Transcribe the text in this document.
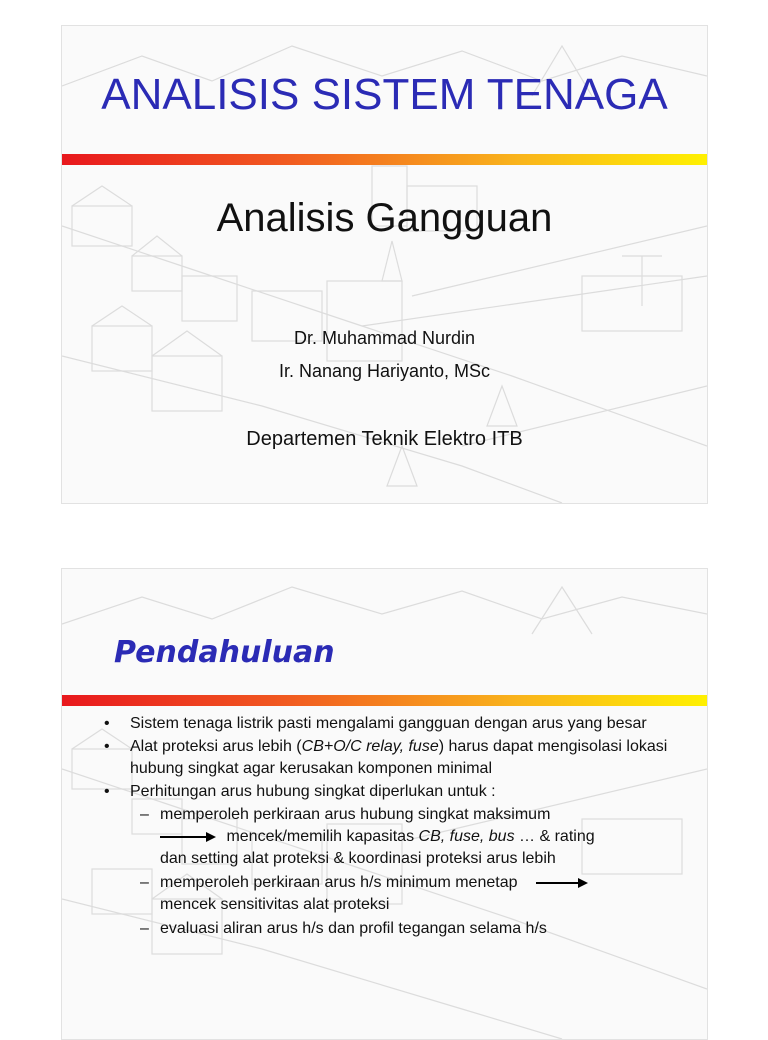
ANALISIS SISTEM TENAGA
Analisis Gangguan
Dr. Muhammad Nurdin
Ir. Nanang Hariyanto, MSc
Departemen Teknik Elektro ITB
Pendahuluan
• Sistem tenaga listrik pasti mengalami gangguan dengan arus yang besar
• Alat proteksi arus lebih (CB+O/C relay, fuse) harus dapat mengisolasi lokasi hubung singkat agar kerusakan komponen minimal
• Perhitungan arus hubung singkat diperlukan untuk :
– memperoleh perkiraan arus hubung singkat maksimum
mencek/memilih kapasitas CB, fuse, bus … & rating
dan setting alat proteksi & koordinasi proteksi arus lebih
– memperoleh perkiraan arus h/s minimum menetap
mencek sensitivitas alat proteksi
– evaluasi aliran arus h/s dan profil tegangan selama h/s
